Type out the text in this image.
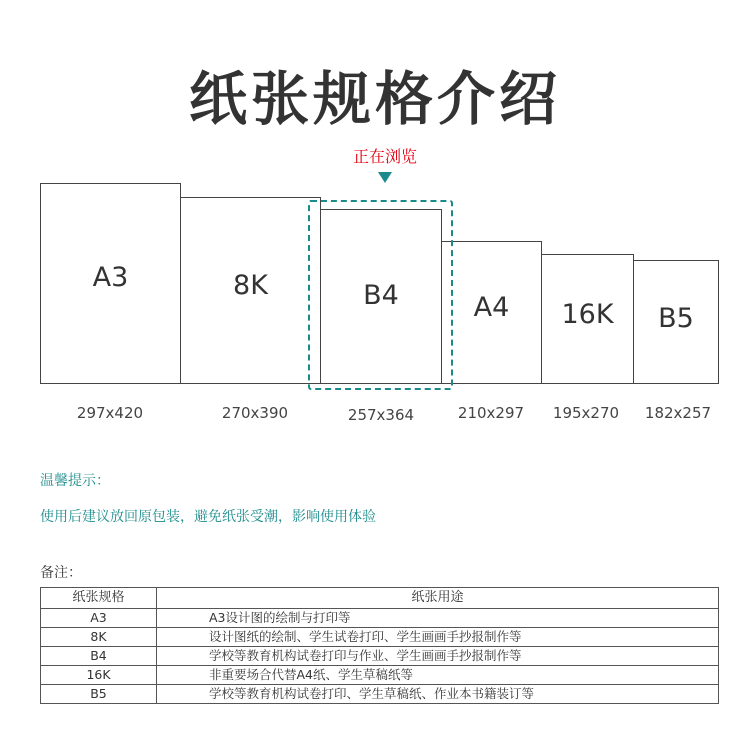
纸张规格介绍
正在浏览
A3	8K	B4	A4	16K	B5
297x420	270x390	257x364	210x297	195x270	182x257
温馨提示：
使用后建议放回原包装，避免纸张受潮，影响使用体验
备注：
纸张规格	纸张用途
A3	A3设计图的绘制与打印等
8K	设计图纸的绘制、学生试卷打印、学生画画手抄报制作等
B4	学校等教育机构试卷打印与作业、学生画画手抄报制作等
16K	非重要场合代替A4纸、学生草稿纸等
B5	学校等教育机构试卷打印、学生草稿纸、作业本书籍装订等
